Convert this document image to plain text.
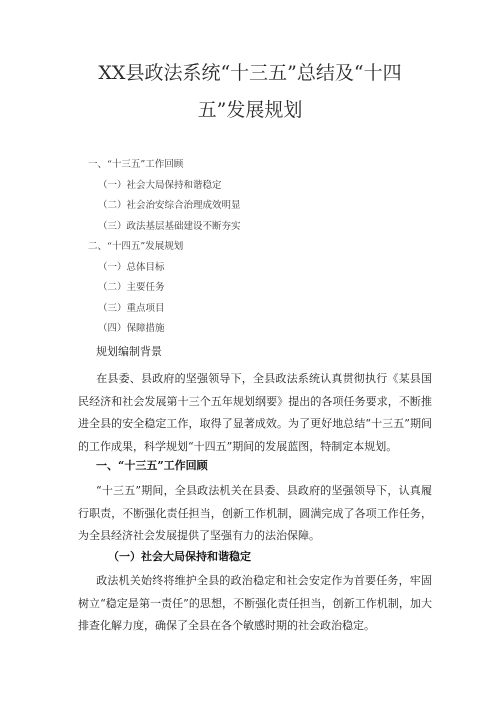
XX县政法系统“十三五”总结及“十四
五”发展规划
一、“十三五”工作回顾
（一）社会大局保持和谐稳定
（二）社会治安综合治理成效明显
（三）政法基层基础建设不断夯实
二、“十四五”发展规划
（一）总体目标
（二）主要任务
（三）重点项目
（四）保障措施
规划编制背景

在县委、县政府的坚强领导下，全县政法系统认真贯彻执行《某县国民经济和社会发展第十三个五年规划纲要》提出的各项任务要求，不断推进全县的安全稳定工作，取得了显著成效。为了更好地总结“十三五”期间的工作成果，科学规划“十四五”期间的发展蓝图，特制定本规划。

一、“十三五”工作回顾

“十三五”期间，全县政法机关在县委、县政府的坚强领导下，认真履行职责，不断强化责任担当，创新工作机制，圆满完成了各项工作任务，为全县经济社会发展提供了坚强有力的法治保障。

（一）社会大局保持和谐稳定

政法机关始终将维护全县的政治稳定和社会安定作为首要任务，牢固树立“稳定是第一责任”的思想，不断强化责任担当，创新工作机制，加大排查化解力度，确保了全县在各个敏感时期的社会政治稳定。
